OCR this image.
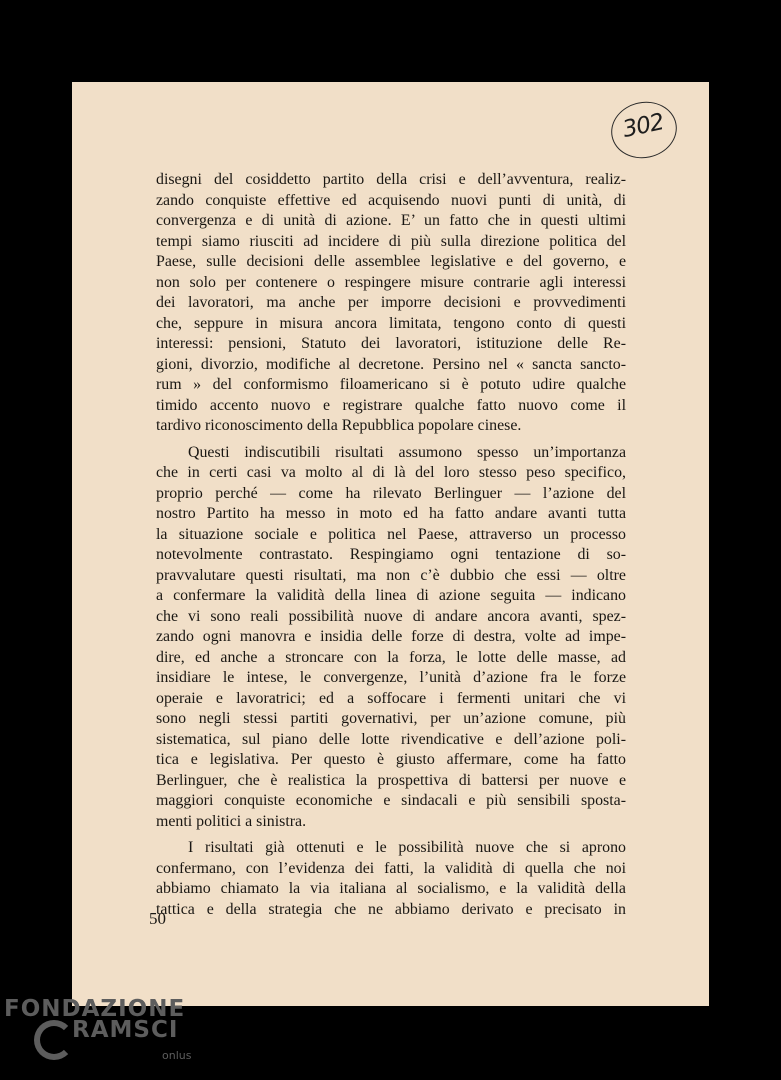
302
disegni del cosiddetto partito della crisi e dell’avventura, realiz-
zando conquiste effettive ed acquisendo nuovi punti di unità, di
convergenza e di unità di azione. E’ un fatto che in questi ultimi
tempi siamo riusciti ad incidere di più sulla direzione politica del
Paese, sulle decisioni delle assemblee legislative e del governo, e
non solo per contenere o respingere misure contrarie agli interessi
dei lavoratori, ma anche per imporre decisioni e provvedimenti
che, seppure in misura ancora limitata, tengono conto di questi
interessi: pensioni, Statuto dei lavoratori, istituzione delle Re-
gioni, divorzio, modifiche al decretone. Persino nel « sancta sancto-
rum » del conformismo filoamericano si è potuto udire qualche
timido accento nuovo e registrare qualche fatto nuovo come il
tardivo riconoscimento della Repubblica popolare cinese.
Questi indiscutibili risultati assumono spesso un’importanza
che in certi casi va molto al di là del loro stesso peso specifico,
proprio perché — come ha rilevato Berlinguer — l’azione del
nostro Partito ha messo in moto ed ha fatto andare avanti tutta
la situazione sociale e politica nel Paese, attraverso un processo
notevolmente contrastato. Respingiamo ogni tentazione di so-
pravvalutare questi risultati, ma non c’è dubbio che essi — oltre
a confermare la validità della linea di azione seguita — indicano
che vi sono reali possibilità nuove di andare ancora avanti, spez-
zando ogni manovra e insidia delle forze di destra, volte ad impe-
dire, ed anche a stroncare con la forza, le lotte delle masse, ad
insidiare le intese, le convergenze, l’unità d’azione fra le forze
operaie e lavoratrici; ed a soffocare i fermenti unitari che vi
sono negli stessi partiti governativi, per un’azione comune, più
sistematica, sul piano delle lotte rivendicative e dell’azione poli-
tica e legislativa. Per questo è giusto affermare, come ha fatto
Berlinguer, che è realistica la prospettiva di battersi per nuove e
maggiori conquiste economiche e sindacali e più sensibili sposta-
menti politici a sinistra.
I risultati già ottenuti e le possibilità nuove che si aprono
confermano, con l’evidenza dei fatti, la validità di quella che noi
abbiamo chiamato la via italiana al socialismo, e la validità della
tattica e della strategia che ne abbiamo derivato e precisato in
50
FONDAZIONE
RAMSCI
onlus
